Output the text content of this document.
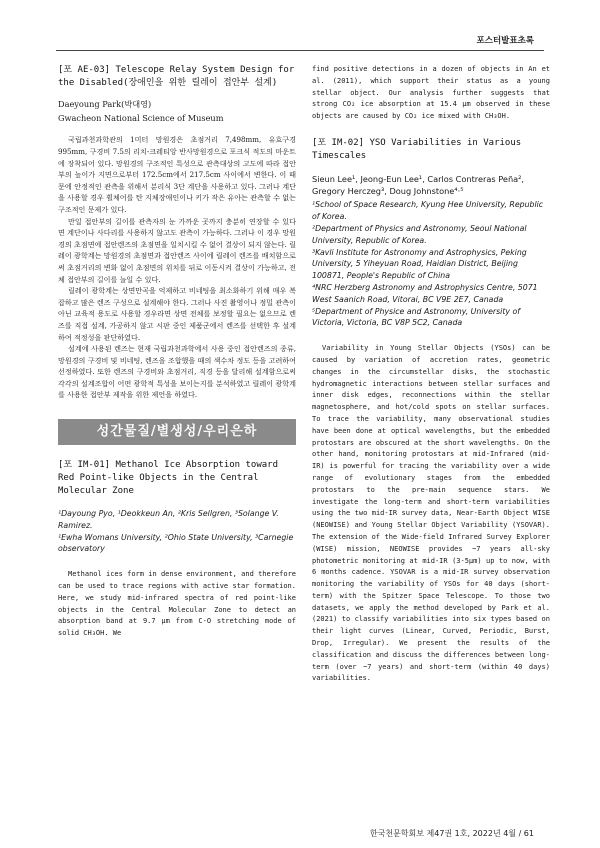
포스터발표초록
[포 AE-03] Telescope Relay System Design for the Disabled(장애인을 위한 릴레이 접안부 설계)
Daeyoung Park(박대영)
Gwacheon National Science of Museum

국립과천과학관의 1미터 망원경은 초점거리 7,498mm, 유효구경 995mm, 구경비 7.5의 리치-크레티앙 반사망원경으로 포크식 적도의 마운트에 장착되어 있다. 망원경의 구조적인 특성으로 관측대상의 고도에 따라 접안부의 높이가 지면으로부터 172.5cm에서 217.5cm 사이에서 변한다. 이 때문에 안정적인 관측을 위해서 분리식 3단 계단을 사용하고 있다. 그러나 계단을 사용할 경우 휠체어를 탄 지체장애인이나 키가 작은 유아는 관측할 수 없는 구조적인 문제가 있다.

만일 접안부의 길이를 관측자의 눈 가까운 곳까지 충분히 연장할 수 있다면 계단이나 사다리를 사용하지 않고도 관측이 가능하다. 그러나 이 경우 망원경의 초점면에 접안렌즈의 초점면을 일치시킬 수 없어 결상이 되지 않는다. 릴레이 광학계는 망원경의 초점면과 접안렌즈 사이에 릴레이 렌즈를 배치함으로써 초점거리의 변화 없이 초점면의 위치를 뒤로 이동시켜 결상이 가능하고, 전체 접안부의 길이를 늘일 수 있다.

릴레이 광학계는 상면만곡을 억제하고 비네팅을 최소화하기 위해 매우 복잡하고 많은 렌즈 구성으로 설계해야 한다. 그러나 사진 촬영이나 정밀 관측이 아닌 교육적 용도로 사용할 경우라면 상면 전체를 보정할 필요는 없으므로 렌즈를 직접 설계, 가공하지 않고 시판 중인 제품군에서 렌즈를 선택한 후 설계하여 적정성을 판단하였다.

설계에 사용된 렌즈는 현재 국립과천과학에서 사용 중인 접안렌즈의 종류, 망원경의 구경비 및 비네팅, 렌즈을 조합했을 때의 색수차 정도 등을 고려하여 선정하였다. 또한 렌즈의 구경비와 초점거리, 직경 등을 달리해 설계함으로써 각각의 설계조합이 어떤 광학적 특성을 보이는지를 분석하였고 릴레이 광학계를 사용한 접안부 제작을 위한 제언을 하였다.

성간물질/별생성/우리은하
[포 IM-01] Methanol Ice Absorption toward Red Point-like Objects in the Central Molecular Zone
¹Dayoung Pyo, ¹Deokkeun An, ²Kris Sellgren, ³Solange V. Ramirez.
¹Ewha Womans University, ²Ohio State University, ³Carnegie observatory

Methanol ices form in dense environment, and therefore can be used to trace regions with active star formation. Here, we study mid-infrared spectra of red point-like objects in the Central Molecular Zone to detect an absorption band at 9.7 μm from C-O stretching mode of solid CH₃OH. We

find positive detections in a dozen of objects in An et al. (2011), which support their status as a young stellar object. Our analysis further suggests that strong CO₂ ice absorption at 15.4 μm observed in these objects are caused by CO₂ ice mixed with CH₃OH.

[포 IM-02] YSO Variabilities in Various Timescales
Sieun Lee¹, Jeong-Eun Lee¹, Carlos Contreras Peña², Gregory Herczeg³, Doug Johnstone⁴·⁵
¹School of Space Research, Kyung Hee University, Republic of Korea.
²Department of Physics and Astronomy, Seoul National University, Republic of Korea.
³Kavli Institute for Astronomy and Astrophysics, Peking University, 5 Yiheyuan Road, Haidian District, Beijing 100871, People's Republic of China
⁴NRC Herzberg Astronomy and Astrophysics Centre, 5071 West Saanich Road, Vitorai, BC V9E 2E7, Canada
⁵Department of Physice and Astronomy, University of Victoria, Victoria, BC V8P 5C2, Canada

Variability in Young Stellar Objects (YSOs) can be caused by variation of accretion rates, geometric changes in the circumstellar disks, the stochastic hydromagnetic interactions between stellar surfaces and inner disk edges, reconnections within the stellar magnetosphere, and hot/cold spots on stellar surfaces. To trace the variability, many observational studies have been done at optical wavelengths, but the embedded protostars are obscured at the short wavelengths. On the other hand, monitoring protostars at mid-Infrared (mid-IR) is powerful for tracing the variability over a wide range of evolutionary stages from the embedded protostars to the pre-main sequence stars. We investigate the long-term and short-term variabilities using the two mid-IR survey data, Near-Earth Object WISE (NEOWISE) and Young Stellar Object Variability (YSOVAR). The extension of the Wide-field Infrared Survey Explorer (WISE) mission, NEOWISE provides ~7 years all-sky photometric monitoring at mid-IR (3-5μm) up to now, with 6 months cadence. YSOVAR is a mid-IR survey observation monitoring the variability of YSOs for 40 days (short-term) with the Spitzer Space Telescope. To those two datasets, we apply the method developed by Park et al. (2021) to classify variabilities into six types based on their light curves (Linear, Curved, Periodic, Burst, Drop, Irregular). We present the results of the classification and discuss the differences between long-term (over ~7 years) and short-term (within 40 days) variabilities.

한국천문학회보 제47권 1호, 2022년 4월 / 61
